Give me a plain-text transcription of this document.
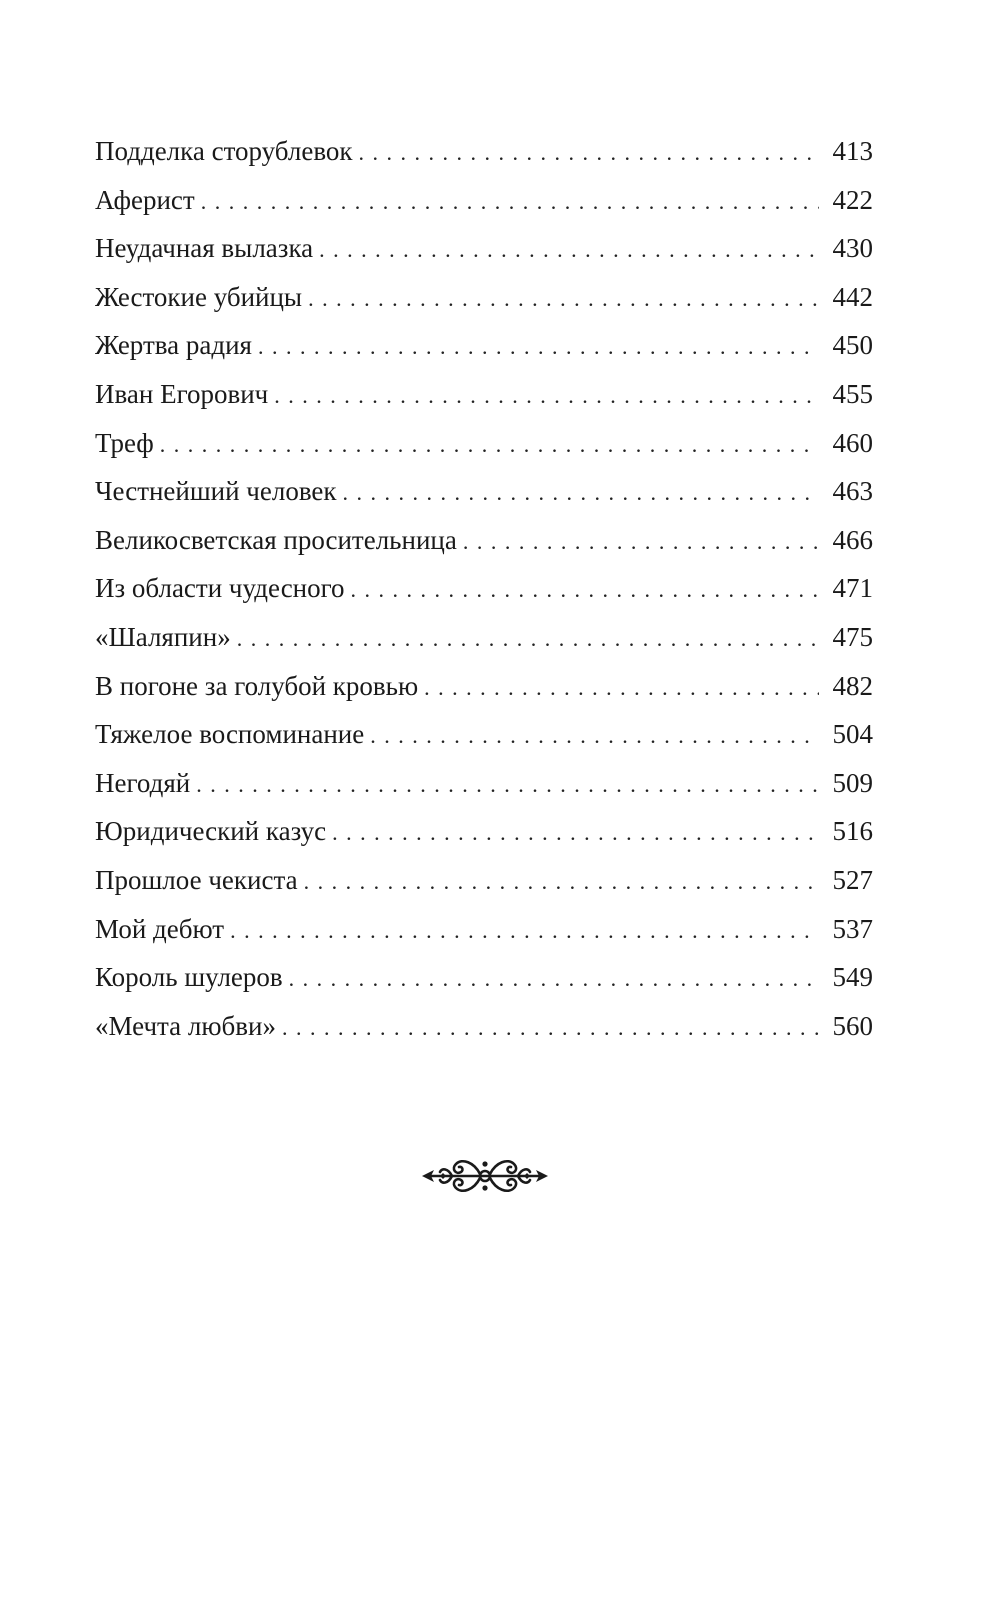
Подделка сторублевок . . .	413
Аферист . . .	422
Неудачная вылазка . . .	430
Жестокие убийцы . . .	442
Жертва радия . . .	450
Иван Егорович . . .	455
Треф . . .	460
Честнейший человек . . .	463
Великосветская просительница . . .	466
Из области чудесного . . .	471
«Шаляпин» . . .	475
В погоне за голубой кровью . . .	482
Тяжелое воспоминание . . .	504
Негодяй . . .	509
Юридический казус . . .	516
Прошлое чекиста . . .	527
Мой дебют . . .	537
Король шулеров . . .	549
«Мечта любви» . . .	560
